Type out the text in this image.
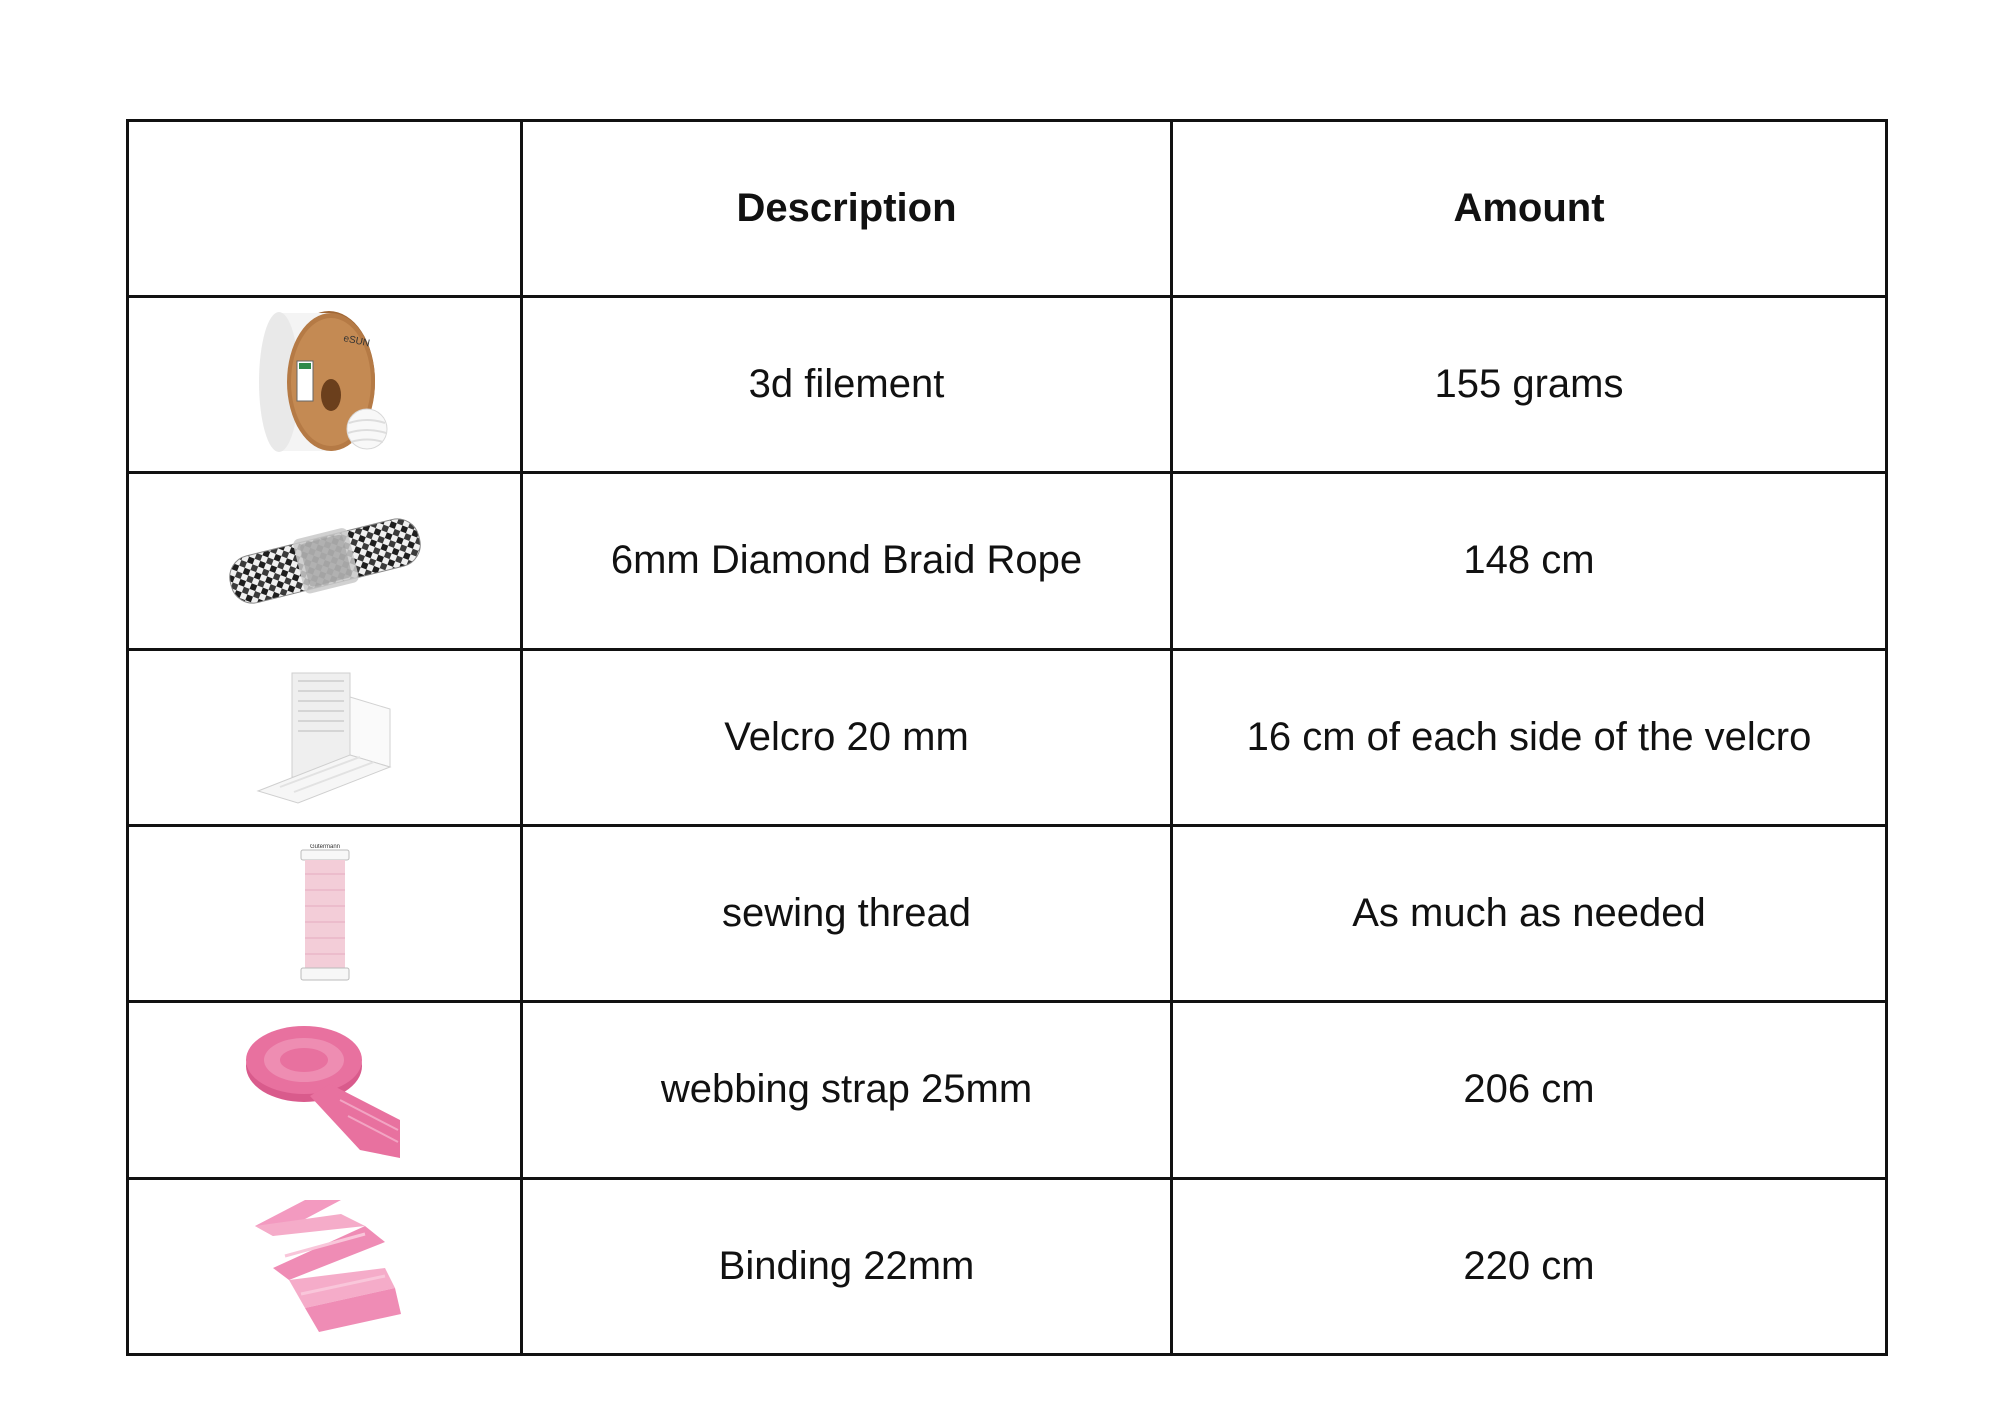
	Description	Amount

eSUN	3d filement	155 grams

	6mm Diamond Braid Rope	148 cm

	Velcro 20 mm	16 cm of each side of the velcro

Gütermann	sewing thread	As much as needed

	webbing strap 25mm	206 cm

	Binding 22mm	220 cm
